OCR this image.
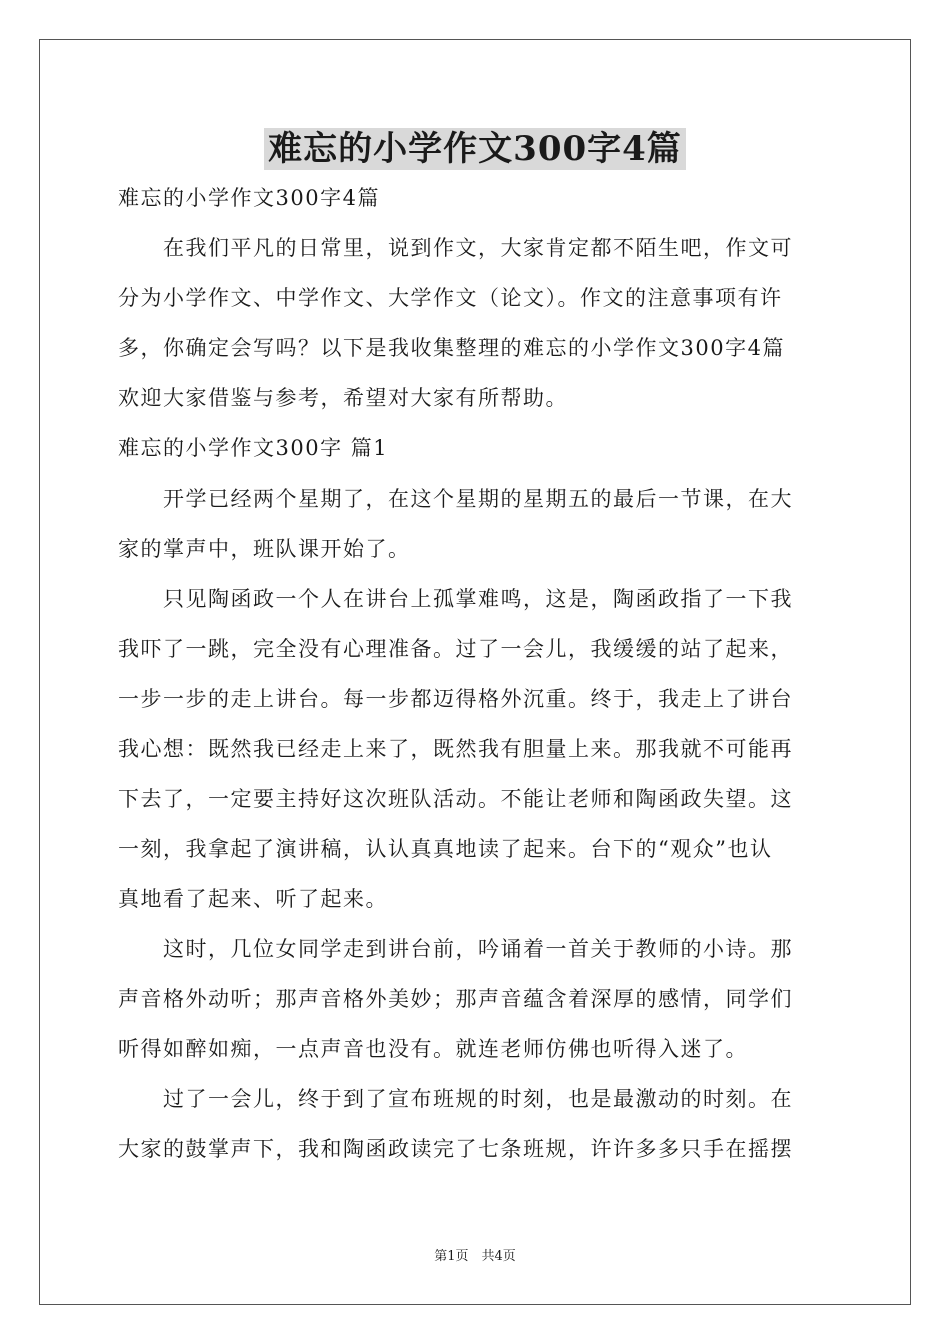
难忘的小学作文300字4篇
难忘的小学作文300字4篇
　　在我们平凡的日常里，说到作文，大家肯定都不陌生吧，作文可
分为小学作文、中学作文、大学作文（论文）。作文的注意事项有许
多，你确定会写吗？以下是我收集整理的难忘的小学作文300字4篇
欢迎大家借鉴与参考，希望对大家有所帮助。
难忘的小学作文300字 篇1
　　开学已经两个星期了，在这个星期的星期五的最后一节课，在大
家的掌声中，班队课开始了。
　　只见陶函政一个人在讲台上孤掌难鸣，这是，陶函政指了一下我
我吓了一跳，完全没有心理准备。过了一会儿，我缓缓的站了起来，
一步一步的走上讲台。每一步都迈得格外沉重。终于，我走上了讲台
我心想：既然我已经走上来了，既然我有胆量上来。那我就不可能再
下去了，一定要主持好这次班队活动。不能让老师和陶函政失望。这
一刻，我拿起了演讲稿，认认真真地读了起来。台下的“观众”也认
真地看了起来、听了起来。
　　这时，几位女同学走到讲台前，吟诵着一首关于教师的小诗。那
声音格外动听；那声音格外美妙；那声音蕴含着深厚的感情，同学们
听得如醉如痴，一点声音也没有。就连老师仿佛也听得入迷了。
　　过了一会儿，终于到了宣布班规的时刻，也是最激动的时刻。在
大家的鼓掌声下，我和陶函政读完了七条班规，许许多多只手在摇摆
第1页　共4页
